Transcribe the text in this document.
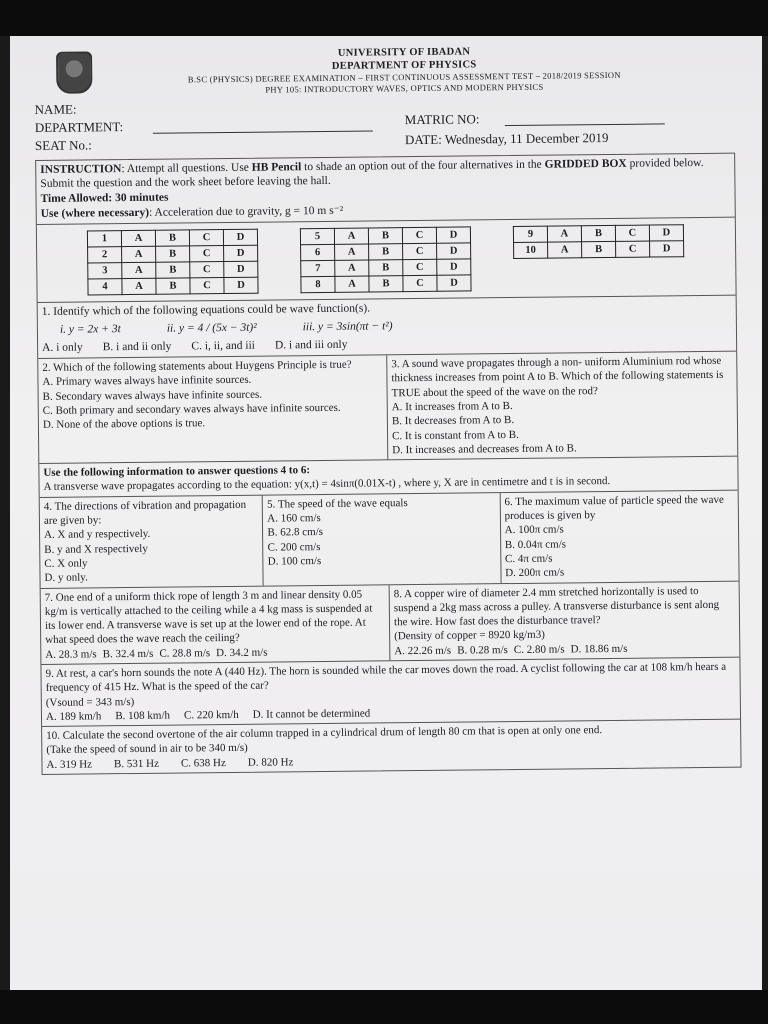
UNIVERSITY OF IBADAN
DEPARTMENT OF PHYSICS
B.SC (PHYSICS) DEGREE EXAMINATION – FIRST CONTINUOUS ASSESSMENT TEST – 2018/2019 SESSION
PHY 105: INTRODUCTORY WAVES, OPTICS AND MODERN PHYSICS
NAME:
DEPARTMENT:
SEAT No.:
MATRIC NO:
DATE: Wednesday, 11 December 2019
INSTRUCTION: Attempt all questions. Use HB Pencil to shade an option out of the four alternatives in the GRIDDED BOX provided below. Submit the question and the work sheet before leaving the hall.
Time Allowed: 30 minutes
Use (where necessary): Acceleration due to gravity, g = 10 m s⁻²
1	A	B	C	D
2	A	B	C	D
3	A	B	C	D
4	A	B	C	D
5	A	B	C	D
6	A	B	C	D
7	A	B	C	D
8	A	B	C	D
9	A	B	C	D
10	A	B	C	D
1. Identify which of the following equations could be wave function(s).
i. y = 2x + 3t	ii. y = 4 / (5x − 3t)²	iii. y = 3sin(πt − t²)
A. i only B. i and ii only C. i, ii, and iii D. i and iii only
2. Which of the following statements about Huygens Principle is true?
A. Primary waves always have infinite sources.
B. Secondary waves always have infinite sources.
C. Both primary and secondary waves always have infinite sources.
D. None of the above options is true.
3. A sound wave propagates through a non- uniform Aluminium rod whose thickness increases from point A to B. Which of the following statements is TRUE about the speed of the wave on the rod?
A. It increases from A to B.
B. It decreases from A to B.
C. It is constant from A to B.
D. It increases and decreases from A to B.
Use the following information to answer questions 4 to 6:
A transverse wave propagates according to the equation: y(x,t) = 4sinπ(0.01X-t) , where y, X are in centimetre and t is in second.
4. The directions of vibration and propagation are given by:
A. X and y respectively.
B. y and X respectively
C. X only
D. y only.
5. The speed of the wave equals
A. 160 cm/s
B. 62.8 cm/s
C. 200 cm/s
D. 100 cm/s
6. The maximum value of particle speed the wave produces is given by
A. 100π cm/s
B. 0.04π cm/s
C. 4π cm/s
D. 200π cm/s
7. One end of a uniform thick rope of length 3 m and linear density 0.05 kg/m is vertically attached to the ceiling while a 4 kg mass is suspended at its lower end. A transverse wave is set up at the lower end of the rope. At what speed does the wave reach the ceiling?
A. 28.3 m/s B. 32.4 m/s C. 28.8 m/s D. 34.2 m/s
8. A copper wire of diameter 2.4 mm stretched horizontally is used to suspend a 2kg mass across a pulley. A transverse disturbance is sent along the wire. How fast does the disturbance travel?
(Density of copper = 8920 kg/m3)
A. 22.26 m/s B. 0.28 m/s C. 2.80 m/s D. 18.86 m/s
9. At rest, a car's horn sounds the note A (440 Hz). The horn is sounded while the car moves down the road. A cyclist following the car at 108 km/h hears a frequency of 415 Hz. What is the speed of the car?
(Vsound = 343 m/s)
A. 189 km/h B. 108 km/h C. 220 km/h D. It cannot be determined
10. Calculate the second overtone of the air column trapped in a cylindrical drum of length 80 cm that is open at only one end.
(Take the speed of sound in air to be 340 m/s)
A. 319 Hz B. 531 Hz C. 638 Hz D. 820 Hz
